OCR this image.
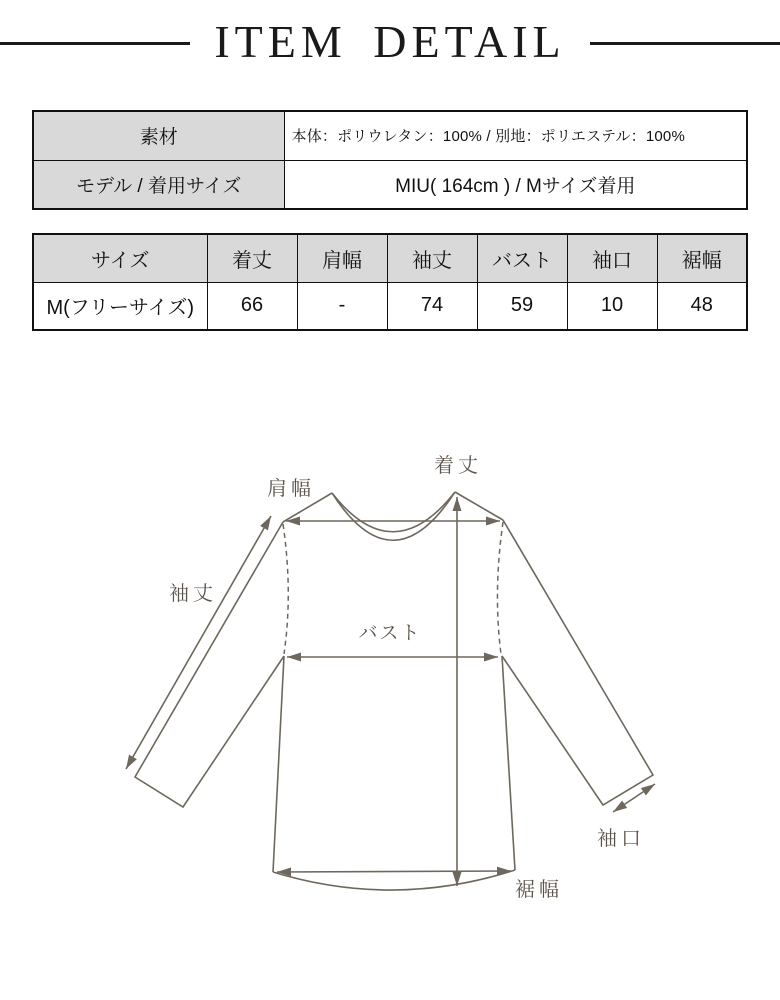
ITEM DETAIL
素材	本体：ポリウレタン：100% / 別地：ポリエステル：100%
モデル / 着用サイズ	MIU( 164cm ) / Mサイズ着用
サイズ	着丈	肩幅	袖丈	バスト	袖口	裾幅
M(フリーサイズ)	66	-	74	59	10	48
着丈
肩幅
袖丈
バスト
袖口
裾幅
